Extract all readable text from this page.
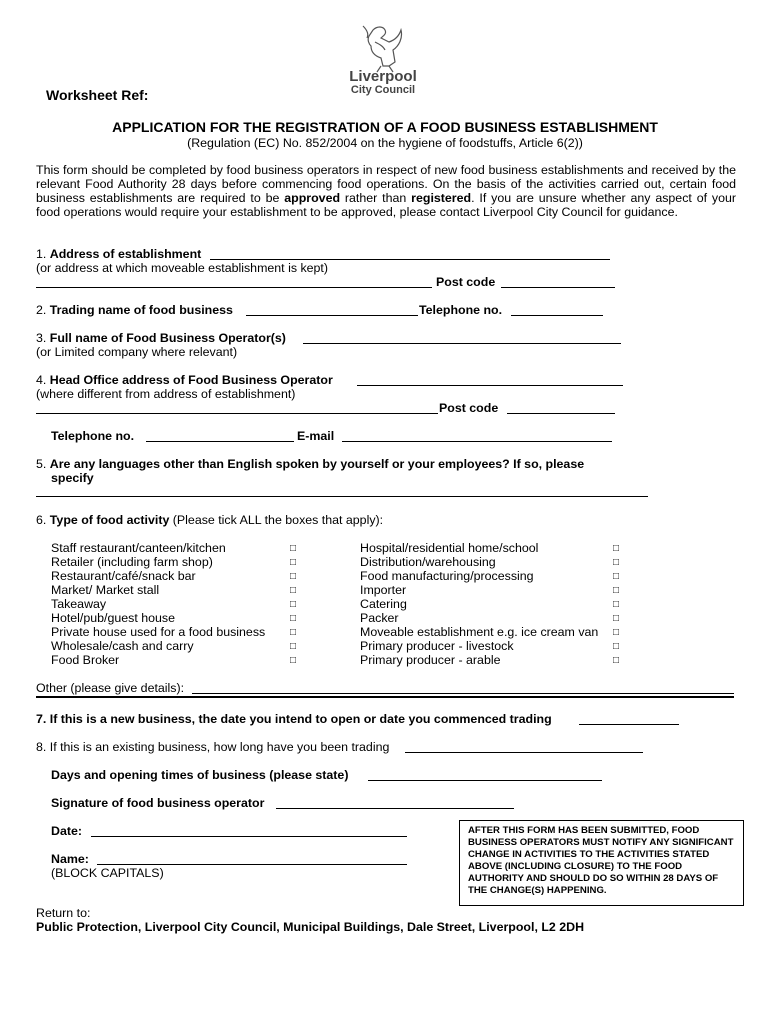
Liverpool
City Council
Worksheet Ref:
APPLICATION FOR THE REGISTRATION OF A FOOD BUSINESS ESTABLISHMENT
(Regulation (EC) No. 852/2004 on the hygiene of foodstuffs, Article 6(2))
This form should be completed by food business operators in respect of new food business establishments and received by the relevant Food Authority 28 days before commencing food operations. On the basis of the activities carried out, certain food business establishments are required to be approved rather than registered. If you are unsure whether any aspect of your food operations would require your establishment to be approved, please contact Liverpool City Council for guidance.
1. Address of establishment
(or address at which moveable establishment is kept)
Post code
2. Trading name of food business	Telephone no.
3. Full name of Food Business Operator(s)
(or Limited company where relevant)
4. Head Office address of Food Business Operator
(where different from address of establishment)
Post code
Telephone no.	E-mail
5. Are any languages other than English spoken by yourself or your employees? If so, please
specify
6. Type of food activity (Please tick ALL the boxes that apply):
Staff restaurant/canteen/kitchen
Retailer (including farm shop)
Restaurant/café/snack bar
Market/ Market stall
Takeaway
Hotel/pub/guest house
Private house used for a food business
Wholesale/cash and carry
Food Broker
□
□
□
□
□
□
□
□
□
Hospital/residential home/school
Distribution/warehousing
Food manufacturing/processing
Importer
Catering
Packer
Moveable establishment e.g. ice cream van
Primary producer - livestock
Primary producer - arable
□
□
□
□
□
□
□
□
□
Other (please give details):
7. If this is a new business, the date you intend to open or date you commenced trading
8. If this is an existing business, how long have you been trading
Days and opening times of business (please state)
Signature of food business operator
Date:
Name:
(BLOCK CAPITALS)
AFTER THIS FORM HAS BEEN SUBMITTED, FOOD BUSINESS OPERATORS MUST NOTIFY ANY SIGNIFICANT CHANGE IN ACTIVITIES TO THE ACTIVITIES STATED ABOVE (INCLUDING CLOSURE) TO THE FOOD AUTHORITY AND SHOULD DO SO WITHIN 28 DAYS OF THE CHANGE(S) HAPPENING.
Return to:
Public Protection, Liverpool City Council, Municipal Buildings, Dale Street, Liverpool, L2 2DH
